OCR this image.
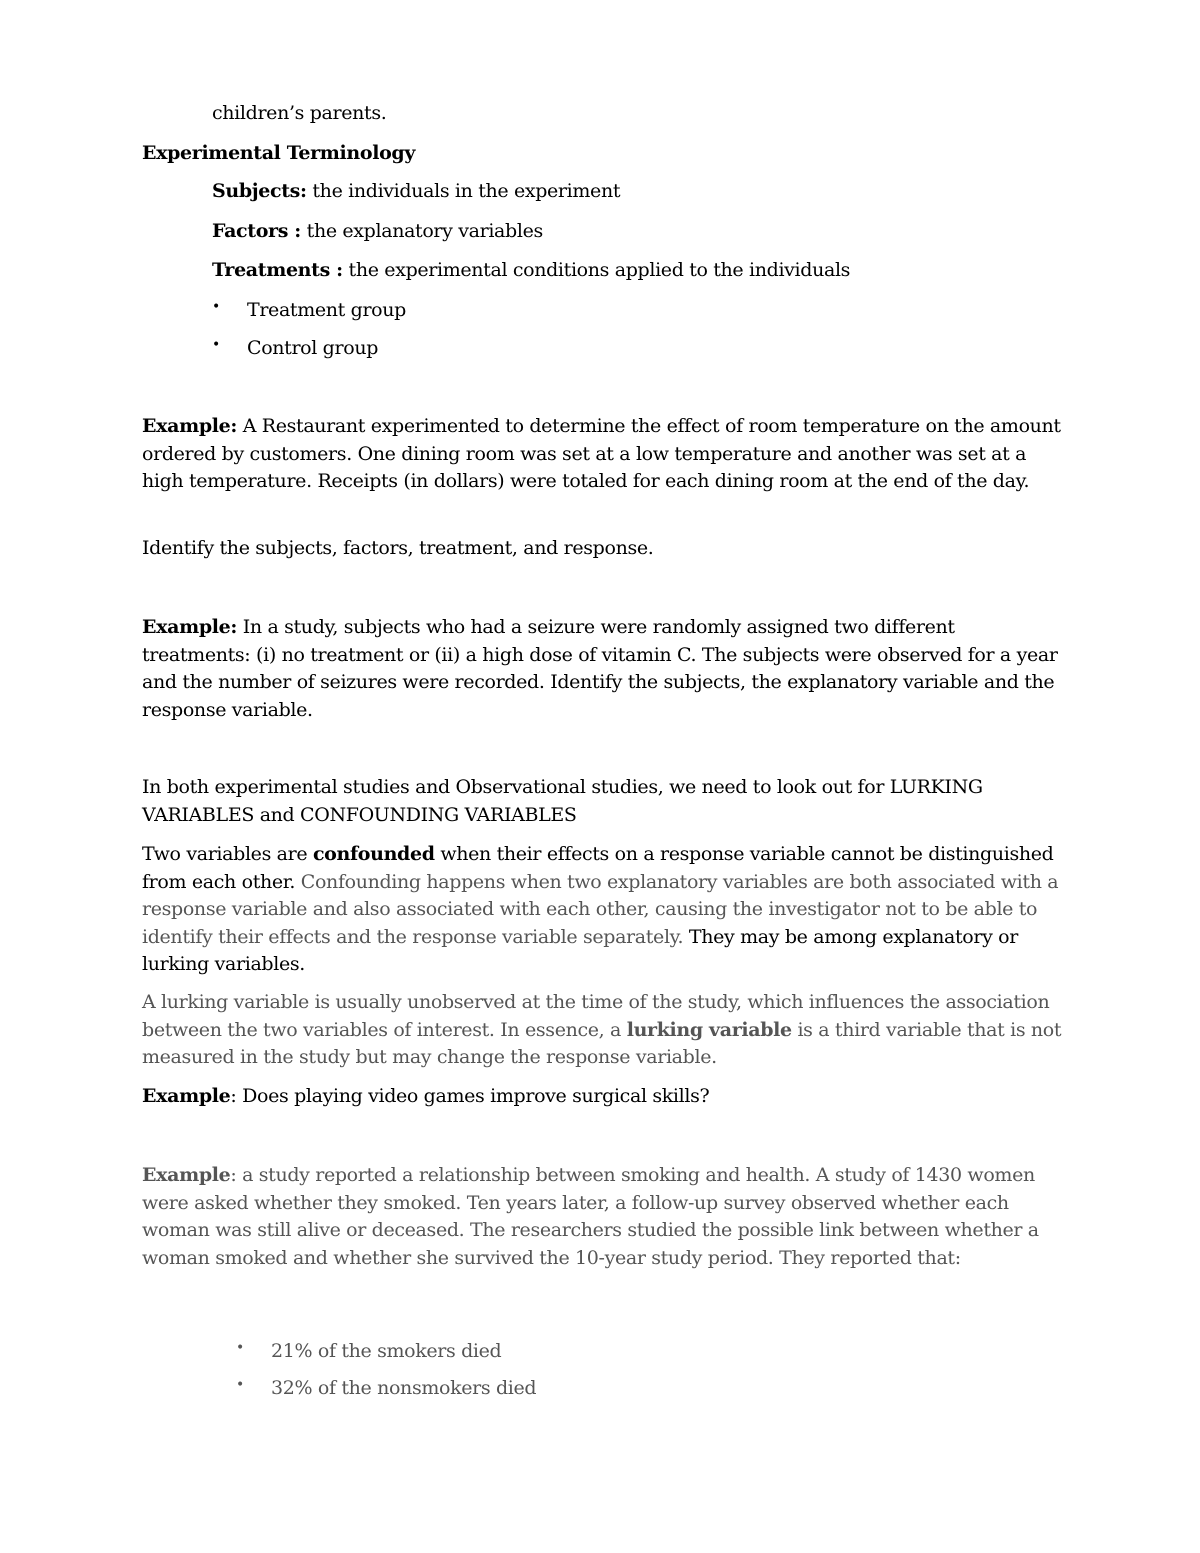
children’s parents.
Experimental Terminology
Subjects: the individuals in the experiment
Factors : the explanatory variables
Treatments : the experimental conditions applied to the individuals
• Treatment group
• Control group
Example: A Restaurant experimented to determine the effect of room temperature on the amount ordered by customers. One dining room was set at a low temperature and another was set at a high temperature. Receipts (in dollars) were totaled for each dining room at the end of the day.
Identify the subjects, factors, treatment, and response.
Example: In a study, subjects who had a seizure were randomly assigned two different treatments: (i) no treatment or (ii) a high dose of vitamin C. The subjects were observed for a year and the number of seizures were recorded. Identify the subjects, the explanatory variable and the response variable.
In both experimental studies and Observational studies, we need to look out for LURKING VARIABLES and CONFOUNDING VARIABLES
Two variables are confounded when their effects on a response variable cannot be distinguished from each other. Confounding happens when two explanatory variables are both associated with a response variable and also associated with each other, causing the investigator not to be able to identify their effects and the response variable separately. They may be among explanatory or lurking variables.
A lurking variable is usually unobserved at the time of the study, which influences the association between the two variables of interest. In essence, a lurking variable is a third variable that is not measured in the study but may change the response variable.
Example: Does playing video games improve surgical skills?
Example: a study reported a relationship between smoking and health. A study of 1430 women were asked whether they smoked. Ten years later, a follow-up survey observed whether each woman was still alive or deceased. The researchers studied the possible link between whether a woman smoked and whether she survived the 10-year study period. They reported that:
• 21% of the smokers died
• 32% of the nonsmokers died
